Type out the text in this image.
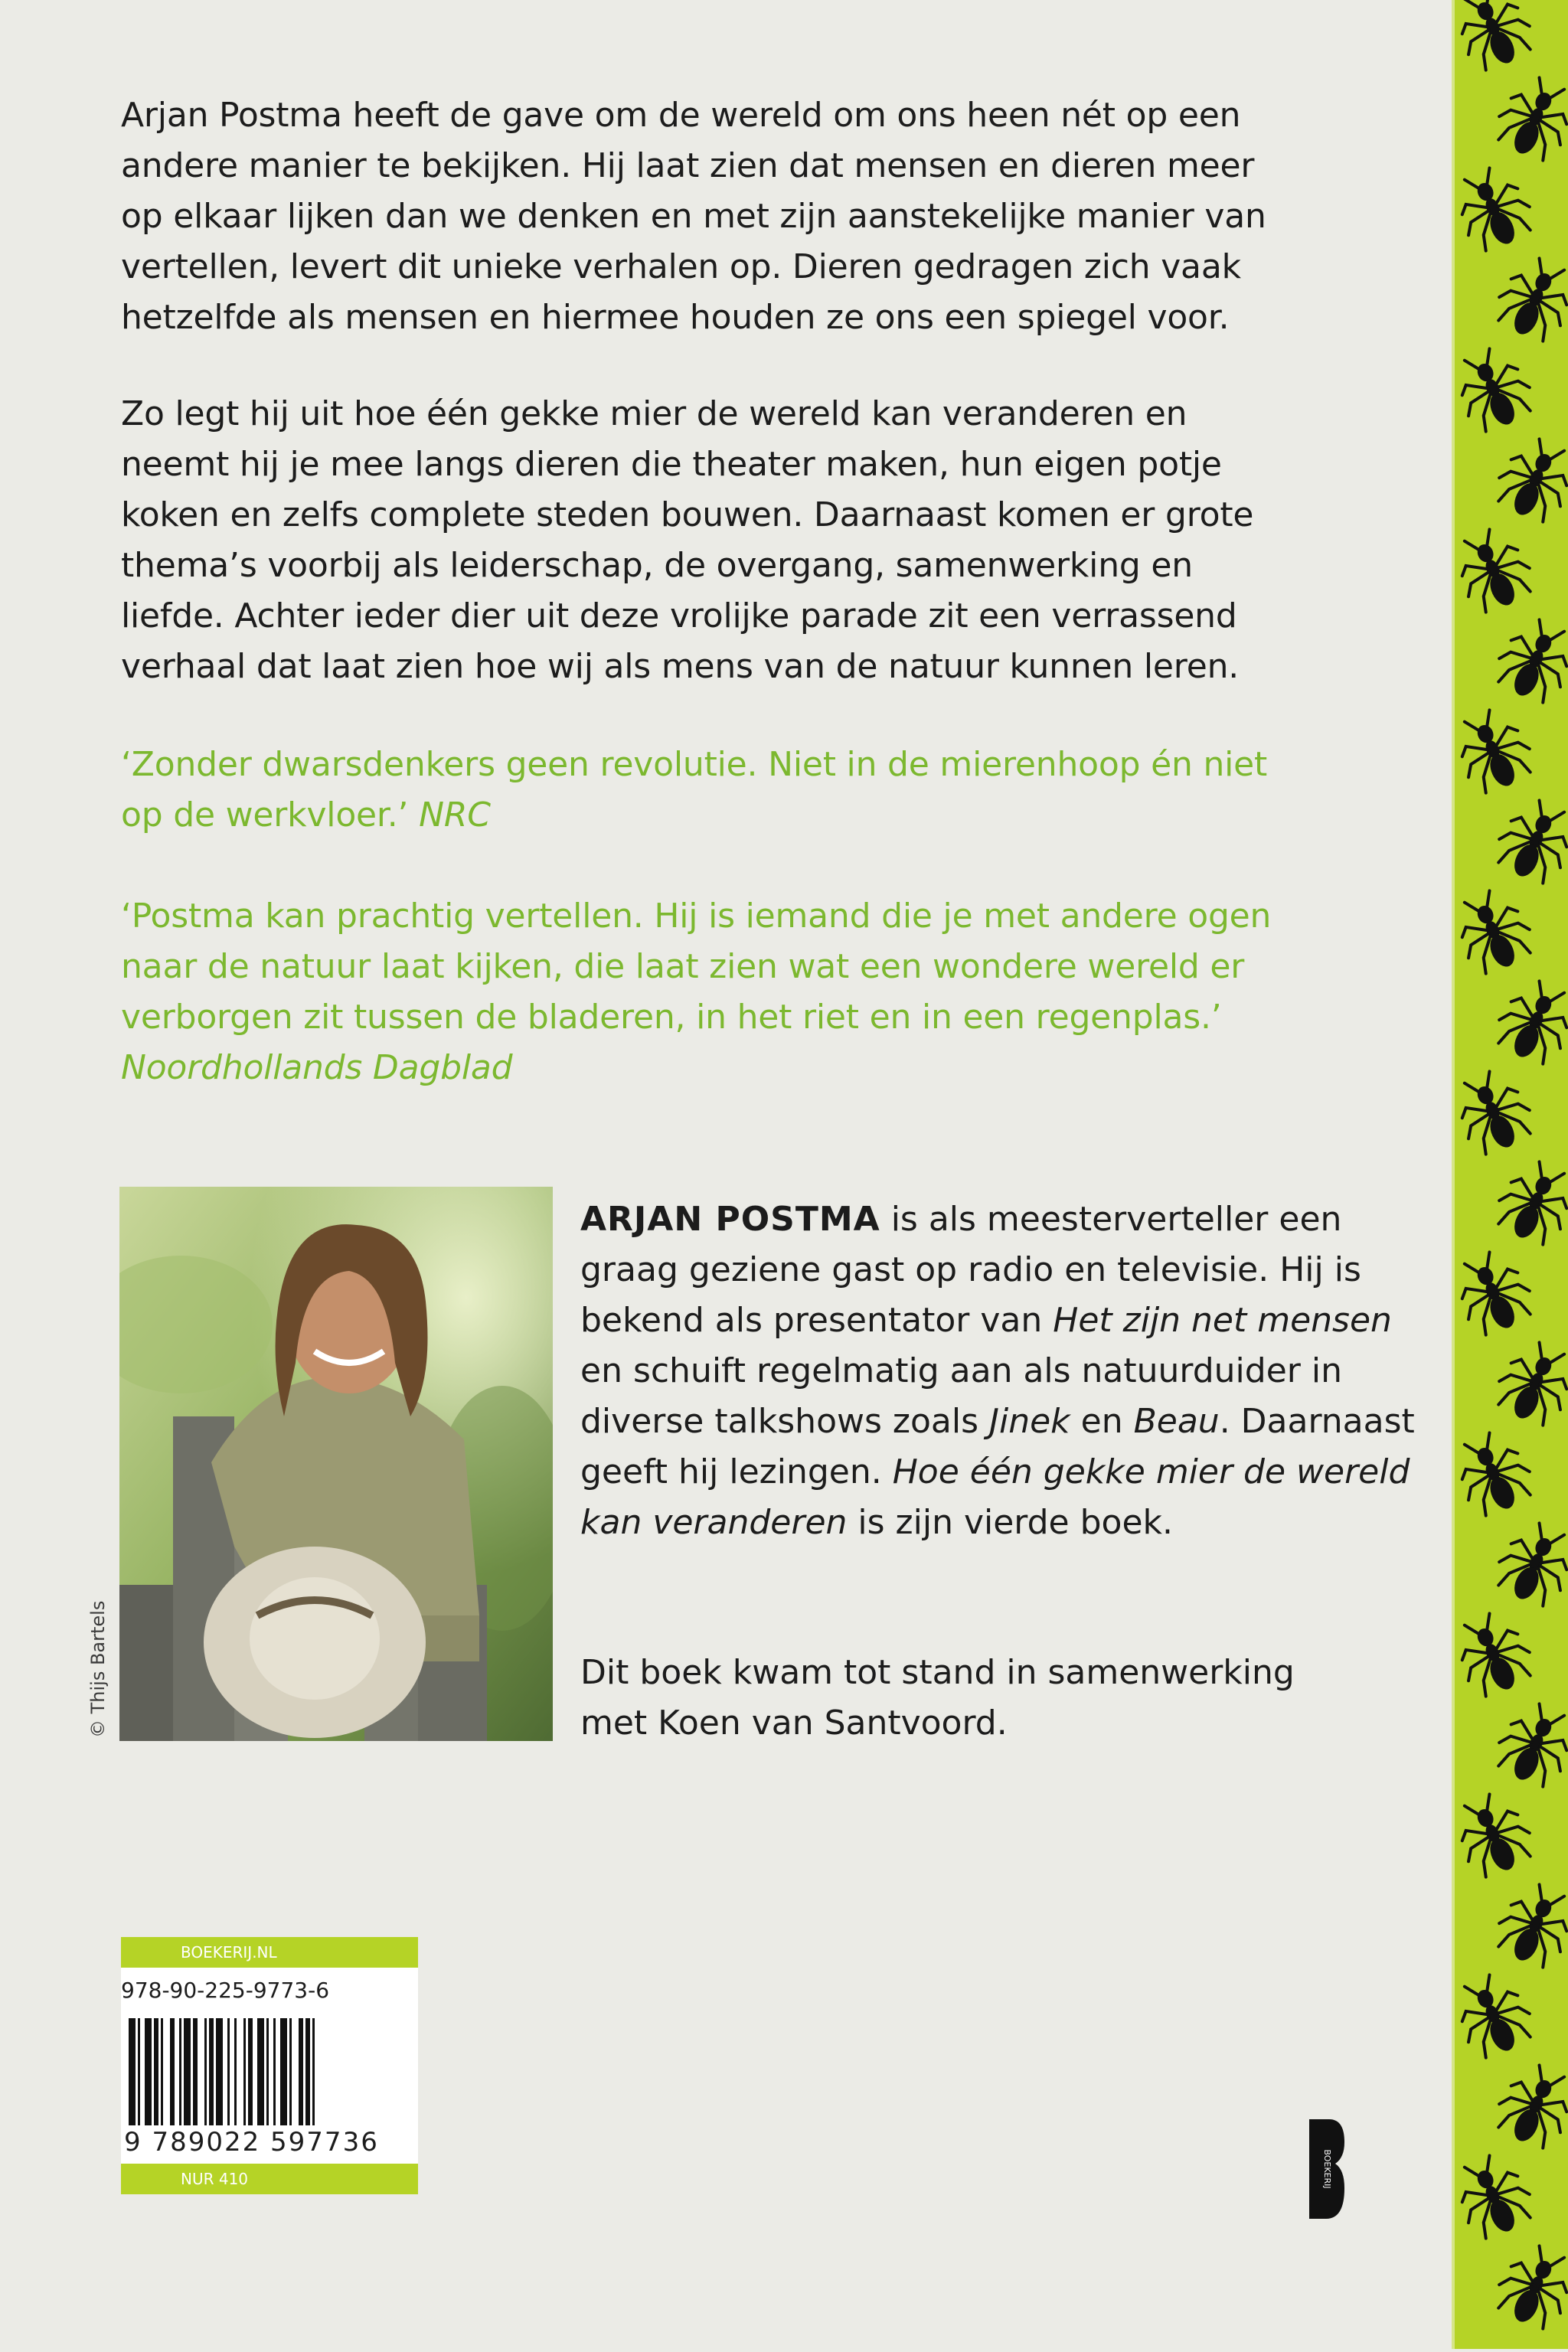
Arjan Postma heeft de gave om de wereld om ons heen nét op een
andere manier te bekijken. Hij laat zien dat mensen en dieren meer
op elkaar lijken dan we denken en met zijn aanstekelijke manier van
vertellen, levert dit unieke verhalen op. Dieren gedragen zich vaak
hetzelfde als mensen en hiermee houden ze ons een spiegel voor.

Zo legt hij uit hoe één gekke mier de wereld kan veranderen en
neemt hij je mee langs dieren die theater maken, hun eigen potje
koken en zelfs complete steden bouwen. Daarnaast komen er grote
thema’s voorbij als leiderschap, de overgang, samenwerking en
liefde. Achter ieder dier uit deze vrolijke parade zit een verrassend
verhaal dat laat zien hoe wij als mens van de natuur kunnen leren.

‘Zonder dwarsdenkers geen revolutie. Niet in de mierenhoop én niet
op de werkvloer.’ NRC

‘Postma kan prachtig vertellen. Hij is iemand die je met andere ogen
naar de natuur laat kijken, die laat zien wat een wondere wereld er
verborgen zit tussen de bladeren, in het riet en in een regenplas.’
Noordhollands Dagblad

© Thijs Bartels

ARJAN POSTMA is als meesterverteller een graag geziene gast op radio en televisie. Hij is bekend als presentator van Het zijn net mensen en schuift regelmatig aan als natuurduider in diverse talkshows zoals Jinek en Beau. Daarnaast geeft hij lezingen. Hoe één gekke mier de wereld kan veranderen is zijn vierde boek.

Dit boek kwam tot stand in samenwerking
met Koen van Santvoord.

BOEKERIJ.NL
978-90-225-9773-6
9 789022 597736
NUR 410	BOEKERIJ
